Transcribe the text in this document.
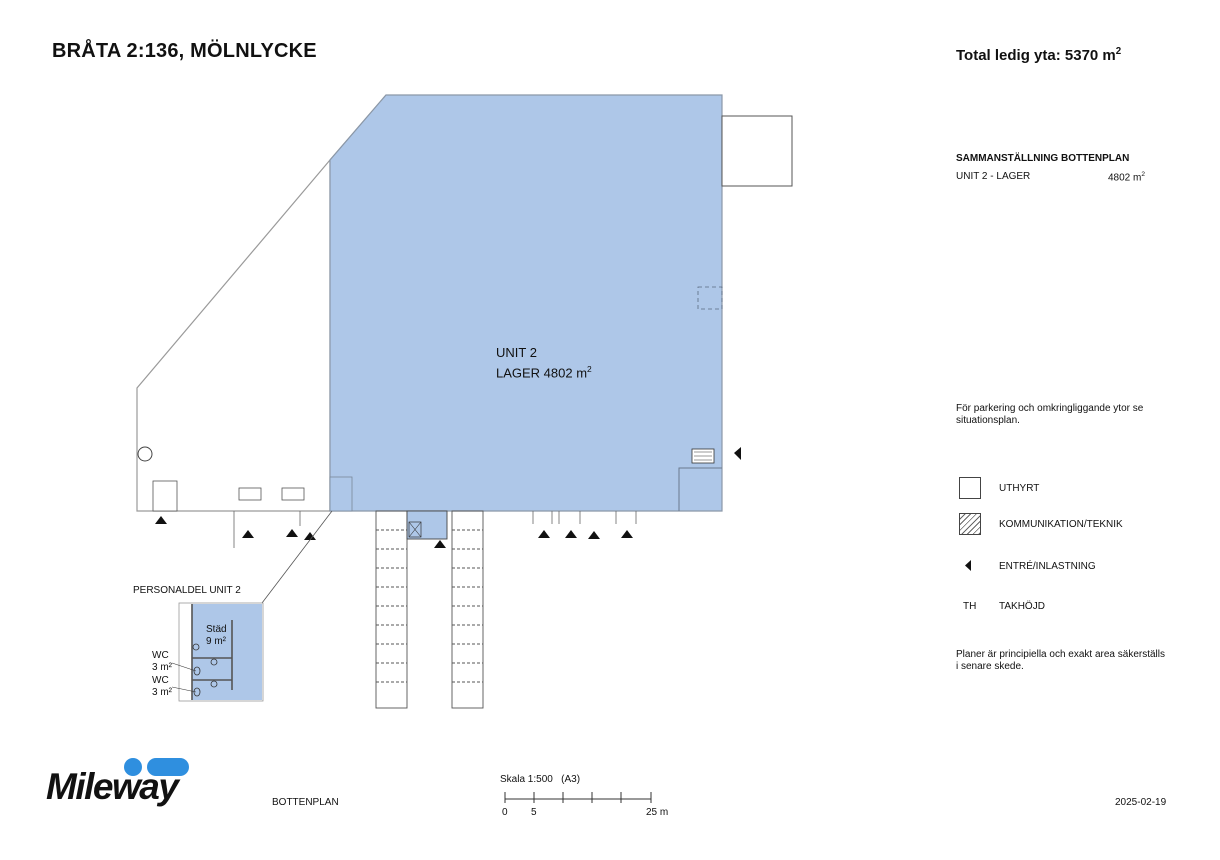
BRÅTA 2:136, MÖLNLYCKE	Total ledig yta: 5370 $m^2$
SAMMANSTÄLLNING BOTTENPLAN
UNIT 2 - LAGER	4802 $m^2$
För parkering och omkringliggande ytor se situationsplan.
UTHYRT
KOMMUNIKATION/TEKNIK
ENTRÉ/INLASTNING
TH TAKHÖJD
Planer är principiella och exakt area säkerställs i senare skede.
UNIT 2
LAGER 4802 $m^2$
PERSONALDEL UNIT 2
Städ
9 m²
WC
3 m²
WC
3 m²
Mileway	BOTTENPLAN
Skala 1:500 (A3)
0 5	25 m
2025-02-19
